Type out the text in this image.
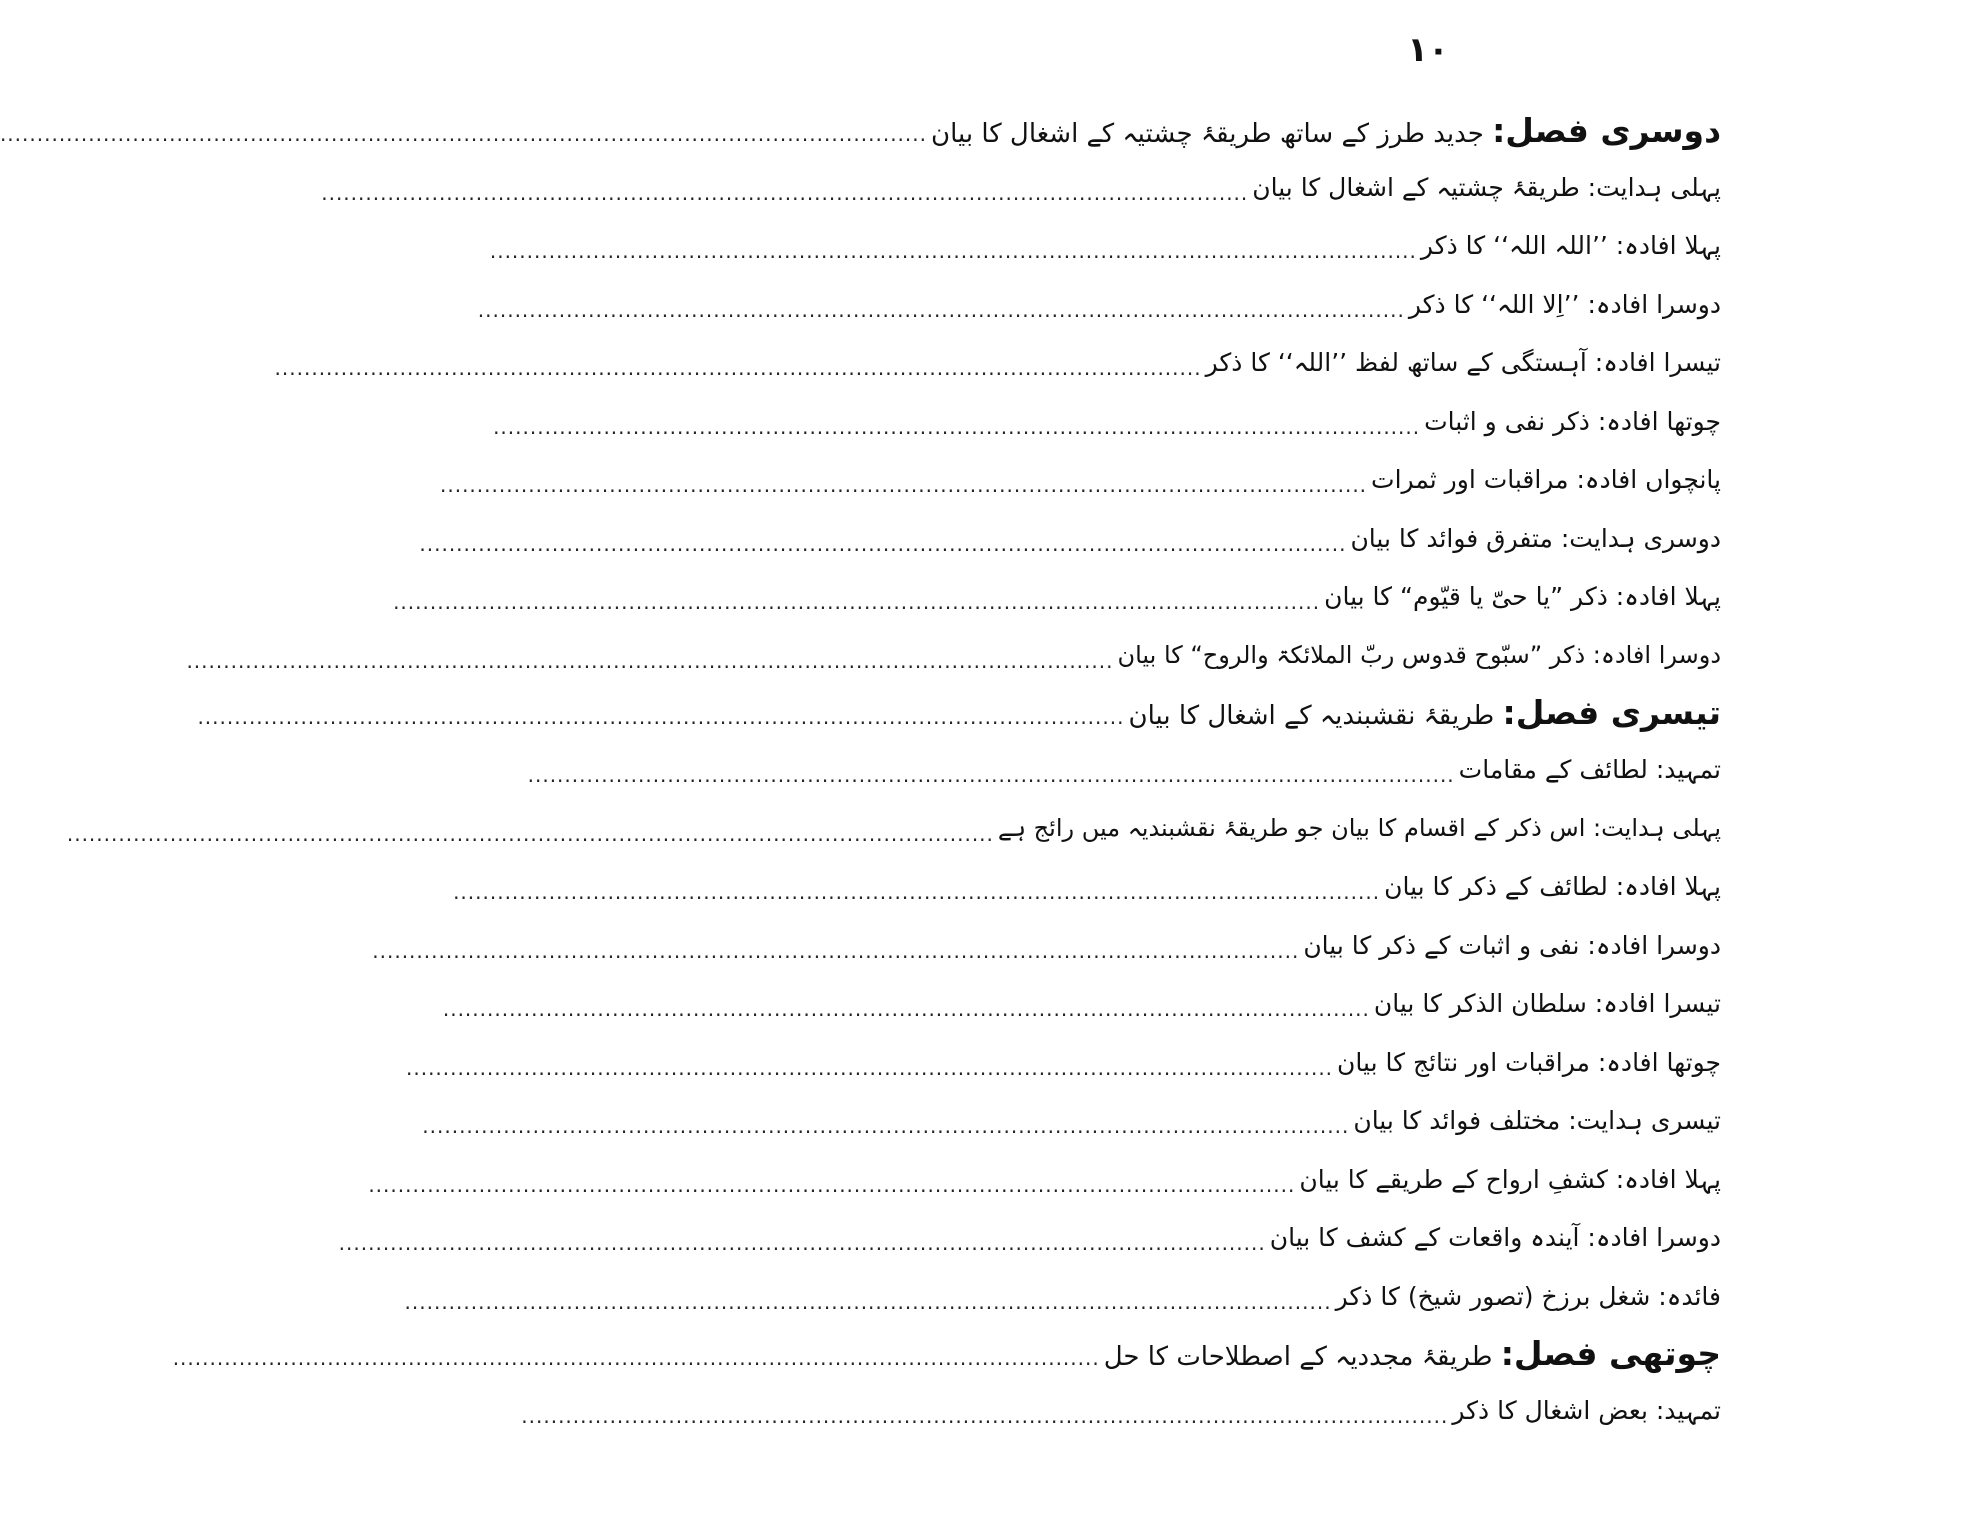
۱۰
دوسری فصل: جدید طرز کے ساتھ طریقۂ چشتیہ کے اشغال کا بیان
..............................................................................................................................
پہلی ہدایت: طریقۂ چشتیہ کے اشغال کا بیان
..............................................................................................................................
پہلا افادہ: ’’اللہ اللہ‘‘ کا ذکر
..............................................................................................................................
دوسرا افادہ: ’’اِلا اللہ‘‘ کا ذکر
..............................................................................................................................
تیسرا افادہ: آہستگی کے ساتھ لفظ ’’اللہ‘‘ کا ذکر
..............................................................................................................................
چوتھا افادہ: ذکر نفی و اثبات
..............................................................................................................................
پانچواں افادہ: مراقبات اور ثمرات
..............................................................................................................................
دوسری ہدایت: متفرق فوائد کا بیان
..............................................................................................................................
پہلا افادہ: ذکر ”یا حیّ یا قیّوم“ کا بیان
..............................................................................................................................
دوسرا افادہ: ذکر ”سبّوح قدوس ربّ الملائکۃ والروح“ کا بیان
..............................................................................................................................
تیسری فصل: طریقۂ نقشبندیہ کے اشغال کا بیان
..............................................................................................................................
تمہید: لطائف کے مقامات
..............................................................................................................................
پہلی ہدایت: اس ذکر کے اقسام کا بیان جو طریقۂ نقشبندیہ میں رائج ہے
..............................................................................................................................
پہلا افادہ: لطائف کے ذکر کا بیان
..............................................................................................................................
دوسرا افادہ: نفی و اثبات کے ذکر کا بیان
..............................................................................................................................
تیسرا افادہ: سلطان الذکر کا بیان
..............................................................................................................................
چوتھا افادہ: مراقبات اور نتائج کا بیان
..............................................................................................................................
تیسری ہدایت: مختلف فوائد کا بیان
..............................................................................................................................
پہلا افادہ: کشفِ ارواح کے طریقے کا بیان
..............................................................................................................................
دوسرا افادہ: آیندہ واقعات کے کشف کا بیان
..............................................................................................................................
فائدہ: شغل برزخ (تصور شیخ) کا ذکر
..............................................................................................................................
چوتھی فصل: طریقۂ مجددیہ کے اصطلاحات کا حل
..............................................................................................................................
تمہید: بعض اشغال کا ذکر
..............................................................................................................................
